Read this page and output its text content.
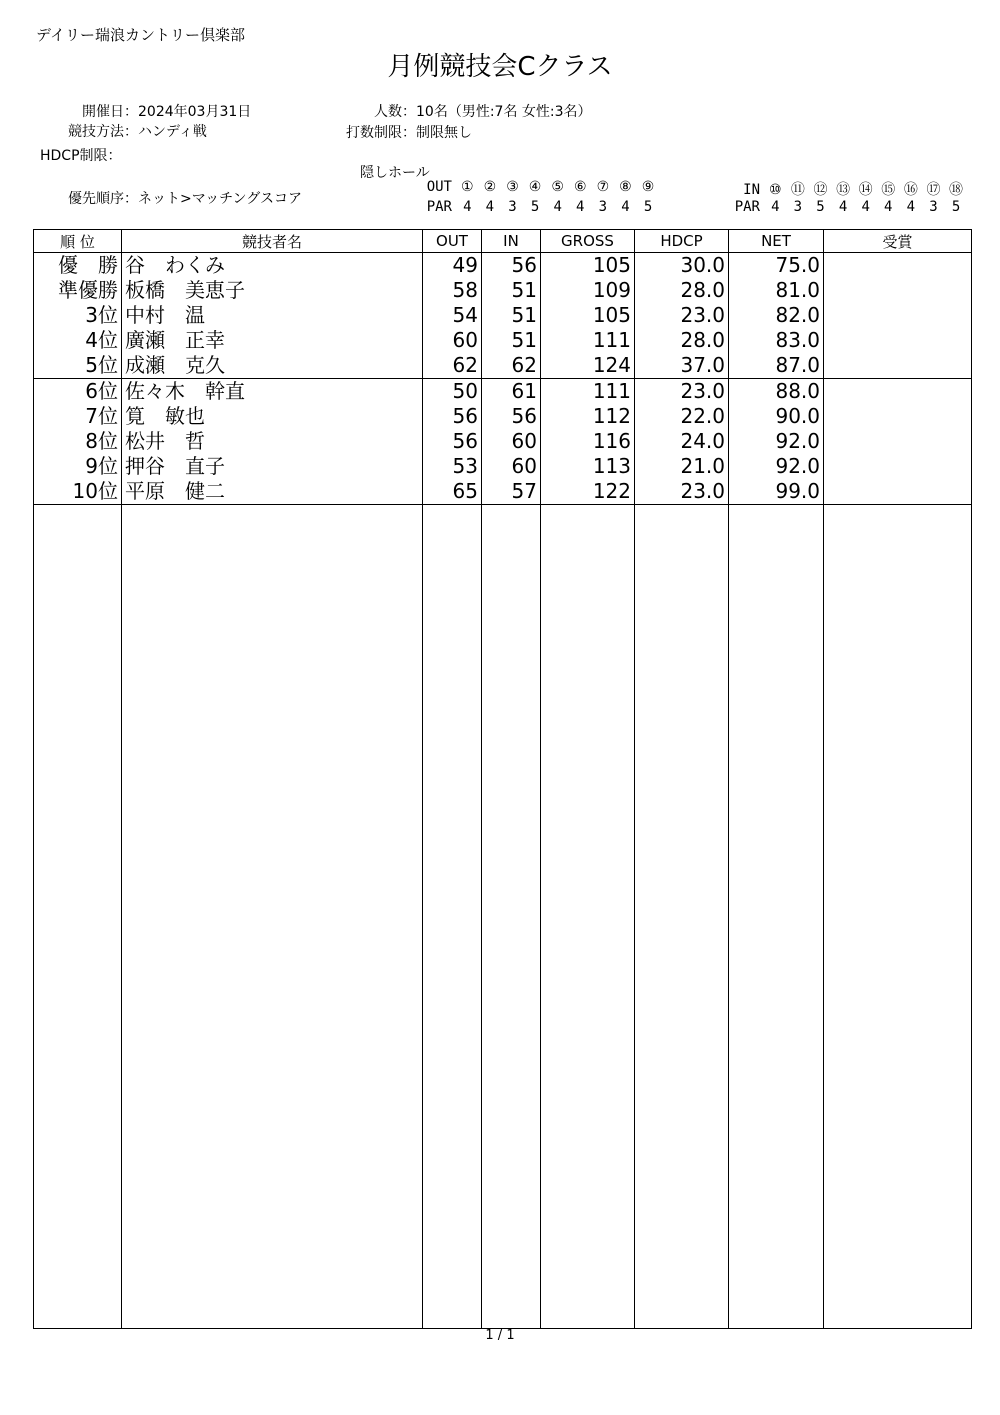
デイリー瑞浪カントリー倶楽部
月例競技会Cクラス
開催日：2024年03月31日
競技方法：ハンディ戦
HDCP制限：
人数：10名（男性:7名 女性:3名）
打数制限：制限無し
隠しホール
優先順序：ネット>マッチングスコア
OUT ① ② ③ ④ ⑤ ⑥ ⑦ ⑧ ⑨
PAR 4 4 3 5 4 4 3 4 5
IN ⑩ ⑪ ⑫ ⑬ ⑭ ⑮ ⑯ ⑰ ⑱
PAR 4 3 5 4 4 4 4 3 5
順 位	競技者名	OUT	IN	GROSS	HDCP	NET	受賞
優　勝	谷　わくみ	49	56	105	30.0	75.0	
準優勝	板橋　美恵子	58	51	109	28.0	81.0	
3位	中村　温	54	51	105	23.0	82.0	
4位	廣瀬　正幸	60	51	111	28.0	83.0	
5位	成瀬　克久	62	62	124	37.0	87.0	
6位	佐々木　幹直	50	61	111	23.0	88.0	
7位	筧　敏也	56	56	112	22.0	90.0	
8位	松井　哲	56	60	116	24.0	92.0	
9位	押谷　直子	53	60	113	21.0	92.0	
10位	平原　健二	65	57	122	23.0	99.0	

1 / 1
